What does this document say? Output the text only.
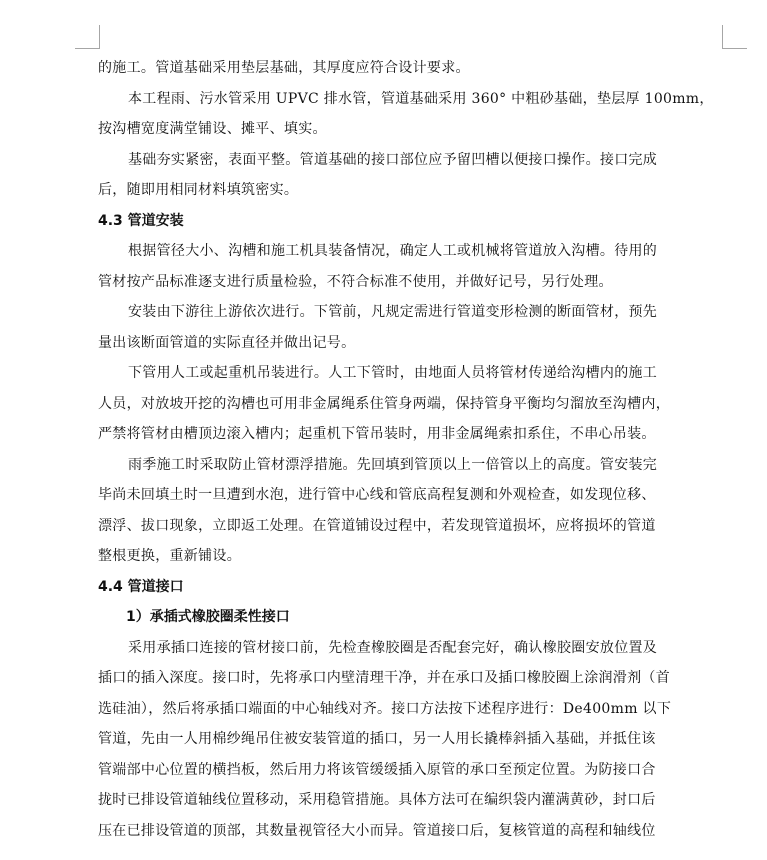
的施工。管道基础采用垫层基础，其厚度应符合设计要求。
本工程雨、污水管采用 UPVC 排水管，管道基础采用 360° 中粗砂基础，垫层厚 100mm，
按沟槽宽度满堂铺设、摊平、填实。
基础夯实紧密，表面平整。管道基础的接口部位应予留凹槽以便接口操作。接口完成
后，随即用相同材料填筑密实。
4.3 管道安装
根据管径大小、沟槽和施工机具装备情况，确定人工或机械将管道放入沟槽。待用的
管材按产品标准逐支进行质量检验，不符合标准不使用，并做好记号，另行处理。
安装由下游往上游依次进行。下管前，凡规定需进行管道变形检测的断面管材，预先
量出该断面管道的实际直径并做出记号。
下管用人工或起重机吊装进行。人工下管时，由地面人员将管材传递给沟槽内的施工
人员，对放坡开挖的沟槽也可用非金属绳系住管身两端，保持管身平衡均匀溜放至沟槽内，
严禁将管材由槽顶边滚入槽内；起重机下管吊装时，用非金属绳索扣系住，不串心吊装。
雨季施工时采取防止管材漂浮措施。先回填到管顶以上一倍管以上的高度。管安装完
毕尚未回填土时一旦遭到水泡，进行管中心线和管底高程复测和外观检查，如发现位移、
漂浮、拔口现象，立即返工处理。在管道铺设过程中，若发现管道损坏，应将损坏的管道
整根更换，重新铺设。
4.4 管道接口
1）承插式橡胶圈柔性接口
采用承插口连接的管材接口前，先检查橡胶圈是否配套完好，确认橡胶圈安放位置及
插口的插入深度。接口时，先将承口内壁清理干净，并在承口及插口橡胶圈上涂润滑剂（首
选硅油），然后将承插口端面的中心轴线对齐。接口方法按下述程序进行：De400mm 以下
管道，先由一人用棉纱绳吊住被安装管道的插口，另一人用长撬棒斜插入基础，并抵住该
管端部中心位置的横挡板，然后用力将该管缓缓插入原管的承口至预定位置。为防接口合
拢时已排设管道轴线位置移动，采用稳管措施。具体方法可在编织袋内灌满黄砂，封口后
压在已排设管道的顶部，其数量视管径大小而异。管道接口后，复核管道的高程和轴线位
